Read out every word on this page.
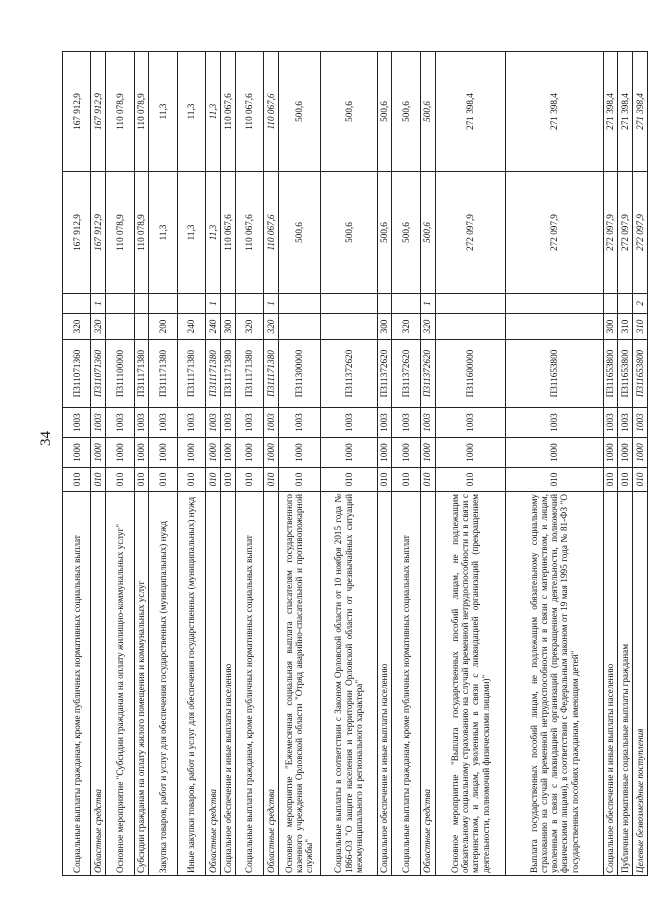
34
Социальные выплаты гражданам, кроме публичных нормативных социальных выплат	010	1000	1003	П311071360	320		167 912,9	167 912,9
Областные средства	010	1000	1003	П311071360	320	1	167 912,9	167 912,9
Основное мероприятие "Субсидии гражданам на оплату жилищно-коммунальных услуг"	010	1000	1003	П311100000			110 078,9	110 078,9
Субсидии гражданам на оплату жилого помещения и коммунальных услуг	010	1000	1003	П311171380			110 078,9	110 078,9
Закупка товаров, работ и услуг для обеспечения государственных (муниципальных) нужд	010	1000	1003	П311171380	200		11,3	11,3
Иные закупки товаров, работ и услуг для обеспечения государственных (муниципальных) нужд	010	1000	1003	П311171380	240		11,3	11,3
Областные средства	010	1000	1003	П311171380	240	1	11,3	11,3
Социальное обеспечение и иные выплаты населению	010	1000	1003	П311171380	300		110 067,6	110 067,6
Социальные выплаты гражданам, кроме публичных нормативных социальных выплат	010	1000	1003	П311171380	320		110 067,6	110 067,6
Областные средства	010	1000	1003	П311171380	320	1	110 067,6	110 067,6
Основное мероприятие "Ежемесячная социальная выплата спасателям государственного казенного учреждения Орловской области "Отряд аварийно-спасательной и противопожарной службы"	010	1000	1003	П311300000			500,6	500,6
Социальные выплаты в соответствии с Законом Орловской области от 10 ноября 2015 года № 1866-ОЗ "О защите населения и территории Орловской области от чрезвычайных ситуаций межмуниципального и регионального характера"	010	1000	1003	П311372620			500,6	500,6
Социальное обеспечение и иные выплаты населению	010	1000	1003	П311372620	300		500,6	500,6
Социальные выплаты гражданам, кроме публичных нормативных социальных выплат	010	1000	1003	П311372620	320		500,6	500,6
Областные средства	010	1000	1003	П311372620	320	1	500,6	500,6
Основное мероприятие "Выплата государственных пособий лицам, не подлежащим обязательному социальному страхованию на случай временной нетрудоспособности и в связи с материнством, и лицам, уволенным в связи с ликвидацией организаций (прекращением деятельности, полномочий физическими лицами)"	010	1000	1003	П311600000			272 097,9	271 398,4
Выплата государственных пособий лицам, не подлежащим обязательному социальному страхованию на случай временной нетрудоспособности и в связи с материнством, и лицам, уволенным в связи с ликвидацией организаций (прекращением деятельности, полномочий физическими лицами), в соответствии с Федеральным законом от 19 мая 1995 года № 81-ФЗ "О государственных пособиях гражданам, имеющим детей"	010	1000	1003	П311653800			272 097,9	271 398,4
Социальное обеспечение и иные выплаты населению	010	1000	1003	П311653800	300		272 097,9	271 398,4
Публичные нормативные социальные выплаты гражданам	010	1000	1003	П311653800	310		272 097,9	271 398,4
Целевые безвозмездные поступления	010	1000	1003	П311653800	310	2	272 097,9	271 398,4
